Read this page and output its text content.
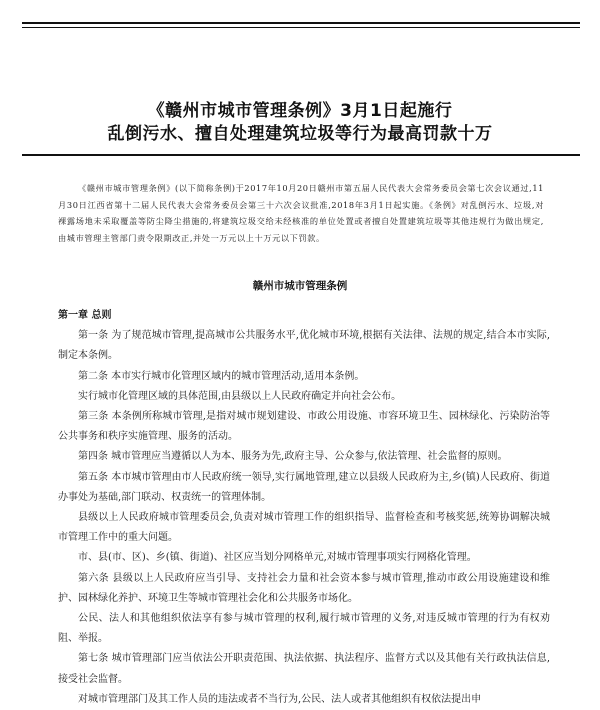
《赣州市城市管理条例》3月1日起施行
乱倒污水、擅自处理建筑垃圾等行为最高罚款十万
《赣州市城市管理条例》(以下简称条例)于2017年10月20日赣州市第五届人民代表大会常务委员会第七次会议通过,11月30日江西省第十二届人民代表大会常务委员会第三十六次会议批准,2018年3月1日起实施。《条例》对乱倒污水、垃圾,对裸露场地未采取覆盖等防尘降尘措施的,将建筑垃圾交给未经核准的单位处置或者擅自处置建筑垃圾等其他违规行为做出规定,由城市管理主管部门责令限期改正,并处一万元以上十万元以下罚款。
赣州市城市管理条例
第一章 总则

第一条 为了规范城市管理,提高城市公共服务水平,优化城市环境,根据有关法律、法规的规定,结合本市实际,制定本条例。

第二条 本市实行城市化管理区域内的城市管理活动,适用本条例。

实行城市化管理区域的具体范围,由县级以上人民政府确定并向社会公布。

第三条 本条例所称城市管理,是指对城市规划建设、市政公用设施、市容环境卫生、园林绿化、污染防治等公共事务和秩序实施管理、服务的活动。

第四条 城市管理应当遵循以人为本、服务为先,政府主导、公众参与,依法管理、社会监督的原则。

第五条 本市城市管理由市人民政府统一领导,实行属地管理,建立以县级人民政府为主,乡(镇)人民政府、街道办事处为基础,部门联动、权责统一的管理体制。

县级以上人民政府城市管理委员会,负责对城市管理工作的组织指导、监督检查和考核奖惩,统筹协调解决城市管理工作中的重大问题。

市、县(市、区)、乡(镇、街道)、社区应当划分网格单元,对城市管理事项实行网格化管理。

第六条 县级以上人民政府应当引导、支持社会力量和社会资本参与城市管理,推动市政公用设施建设和维护、园林绿化养护、环境卫生等城市管理社会化和公共服务市场化。

公民、法人和其他组织依法享有参与城市管理的权利,履行城市管理的义务,对违反城市管理的行为有权劝阻、举报。

第七条 城市管理部门应当依法公开职责范围、执法依据、执法程序、监督方式以及其他有关行政执法信息,接受社会监督。

对城市管理部门及其工作人员的违法或者不当行为,公民、法人或者其他组织有权依法提出申
